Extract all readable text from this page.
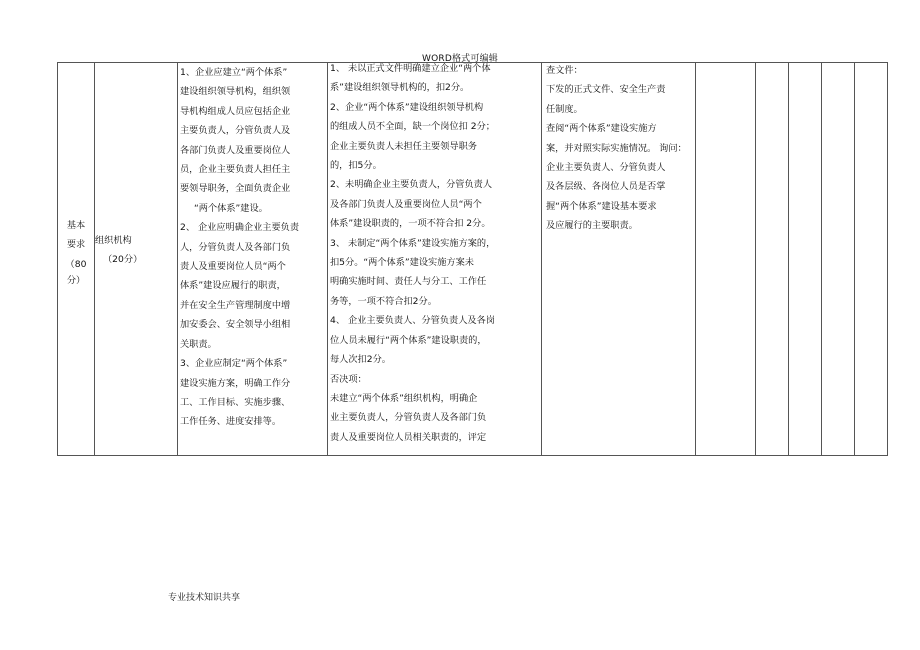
WORD格式可编辑
基本
要求
（80
分）

组织机构
（20分）

1、企业应建立“两个体系”
建设组织领导机构，组织领
导机构组成人员应包括企业
主要负责人，分管负责人及
各部门负责人及重要岗位人
员，企业主要负责人担任主
要领导职务，全面负责企业
“两个体系”建设。
2、 企业应明确企业主要负责
人，分管负责人及各部门负
责人及重要岗位人员“两个
体系”建设应履行的职责，
并在安全生产管理制度中增
加安委会、安全领导小组相
关职责。
3、企业应制定“两个体系”
建设实施方案，明确工作分
工、工作目标、实施步骤、
工作任务、进度安排等。

1、 未以正式文件明确建立企业“两个体
系”建设组织领导机构的，扣2分。
2、企业“两个体系”建设组织领导机构
的组成人员不全面，缺一个岗位扣 2分；
企业主要负责人未担任主要领导职务
的，扣5分。
2、未明确企业主要负责人，分管负责人
及各部门负责人及重要岗位人员“两个
体系”建设职责的，一项不符合扣 2分。
3、 未制定“两个体系”建设实施方案的，
扣5分。“两个体系”建设实施方案未
明确实施时间、责任人与分工、工作任
务等，一项不符合扣2分。
4、 企业主要负责人、分管负责人及各岗
位人员未履行“两个体系”建设职责的，
每人次扣2分。
否决项：
未建立“两个体系”组织机构，明确企
业主要负责人，分管负责人及各部门负
责人及重要岗位人员相关职责的，评定

查文件：
下发的正式文件、安全生产责
任制度。
查阅“两个体系”建设实施方
案，并对照实际实施情况。 询问：
企业主要负责人、分管负责人
及各层级、各岗位人员是否掌
握“两个体系”建设基本要求
及应履行的主要职责。

专业技术知识共享
